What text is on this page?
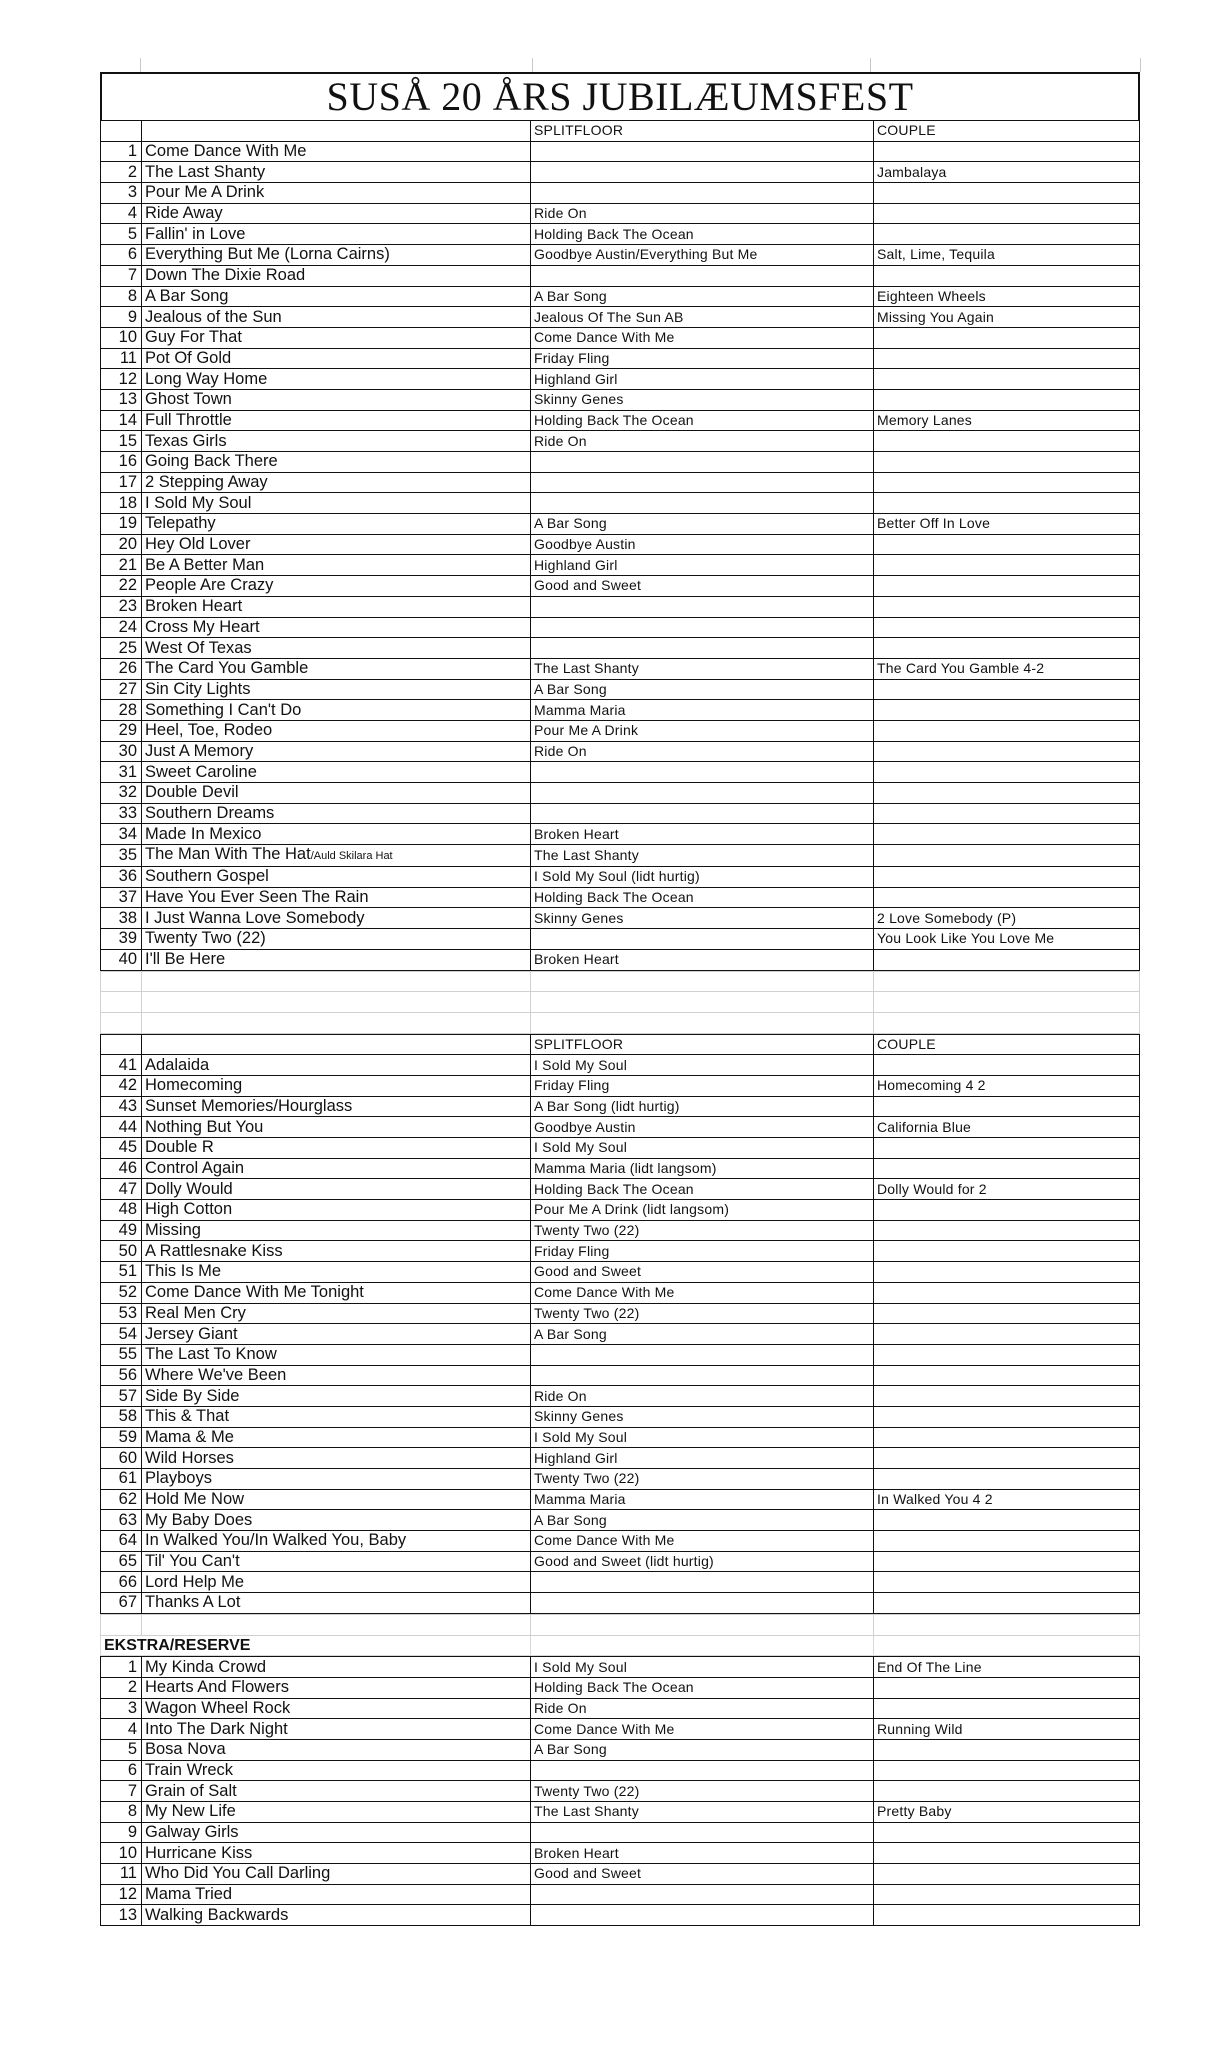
SUSÅ 20 ÅRS JUBILÆUMSFEST
		SPLITFLOOR	COUPLE
1	Come Dance With Me		
2	The Last Shanty		Jambalaya
3	Pour Me A Drink		
4	Ride Away	Ride On	
5	Fallin' in Love	Holding Back The Ocean	
6	Everything But Me (Lorna Cairns)	Goodbye Austin/Everything But Me	Salt, Lime, Tequila
7	Down The Dixie Road		
8	A Bar Song	A Bar Song	Eighteen Wheels
9	Jealous of the Sun	Jealous Of The Sun AB	Missing You Again
10	Guy For That	Come Dance With Me	
11	Pot Of Gold	Friday Fling	
12	Long Way Home	Highland Girl	
13	Ghost Town	Skinny Genes	
14	Full Throttle	Holding Back The Ocean	Memory Lanes
15	Texas Girls	Ride On	
16	Going Back There		
17	2 Stepping Away		
18	I Sold My Soul		
19	Telepathy	A Bar Song	Better Off In Love
20	Hey Old Lover	Goodbye Austin	
21	Be A Better Man	Highland Girl	
22	People Are Crazy	Good and Sweet	
23	Broken Heart		
24	Cross My Heart		
25	West Of Texas		
26	The Card You Gamble	The Last Shanty	The Card You Gamble 4-2
27	Sin City Lights	A Bar Song	
28	Something I Can't Do	Mamma Maria	
29	Heel, Toe, Rodeo	Pour Me A Drink	
30	Just A Memory	Ride On	
31	Sweet Caroline		
32	Double Devil		
33	Southern Dreams		
34	Made In Mexico	Broken Heart	
35	The Man With The Hat/Auld Skilara Hat	The Last Shanty	
36	Southern Gospel	I Sold My Soul (lidt hurtig)	
37	Have You Ever Seen The Rain	Holding Back The Ocean	
38	I Just Wanna Love Somebody	Skinny Genes	2 Love Somebody (P)
39	Twenty Two (22)		You Look Like You Love Me
40	I'll Be Here	Broken Heart	

		SPLITFLOOR	COUPLE
41	Adalaida	I Sold My Soul	
42	Homecoming	Friday Fling	Homecoming 4 2
43	Sunset Memories/Hourglass	A Bar Song (lidt hurtig)	
44	Nothing But You	Goodbye Austin	California Blue
45	Double R	I Sold My Soul	
46	Control Again	Mamma Maria (lidt langsom)	
47	Dolly Would	Holding Back The Ocean	Dolly Would for 2
48	High Cotton	Pour Me A Drink (lidt langsom)	
49	Missing	Twenty Two (22)	
50	A Rattlesnake Kiss	Friday Fling	
51	This Is Me	Good and Sweet	
52	Come Dance With Me Tonight	Come Dance With Me	
53	Real Men Cry	Twenty Two (22)	
54	Jersey Giant	A Bar Song	
55	The Last To Know		
56	Where We've Been		
57	Side By Side	Ride On	
58	This & That	Skinny Genes	
59	Mama & Me	I Sold My Soul	
60	Wild Horses	Highland Girl	
61	Playboys	Twenty Two (22)	
62	Hold Me Now	Mamma Maria	In Walked You 4 2
63	My Baby Does	A Bar Song	
64	In Walked You/In Walked You, Baby	Come Dance With Me	
65	Til' You Can't	Good and Sweet (lidt hurtig)	
66	Lord Help Me		
67	Thanks A Lot		

EKSTRA/RESERVE			
1	My Kinda Crowd	I Sold My Soul	End Of The Line
2	Hearts And Flowers	Holding Back The Ocean	
3	Wagon Wheel Rock	Ride On	
4	Into The Dark Night	Come Dance With Me	Running Wild
5	Bosa Nova	A Bar Song	
6	Train Wreck		
7	Grain of Salt	Twenty Two (22)	
8	My New Life	The Last Shanty	Pretty Baby
9	Galway Girls		
10	Hurricane Kiss	Broken Heart	
11	Who Did You Call Darling	Good and Sweet	
12	Mama Tried		
13	Walking Backwards		
